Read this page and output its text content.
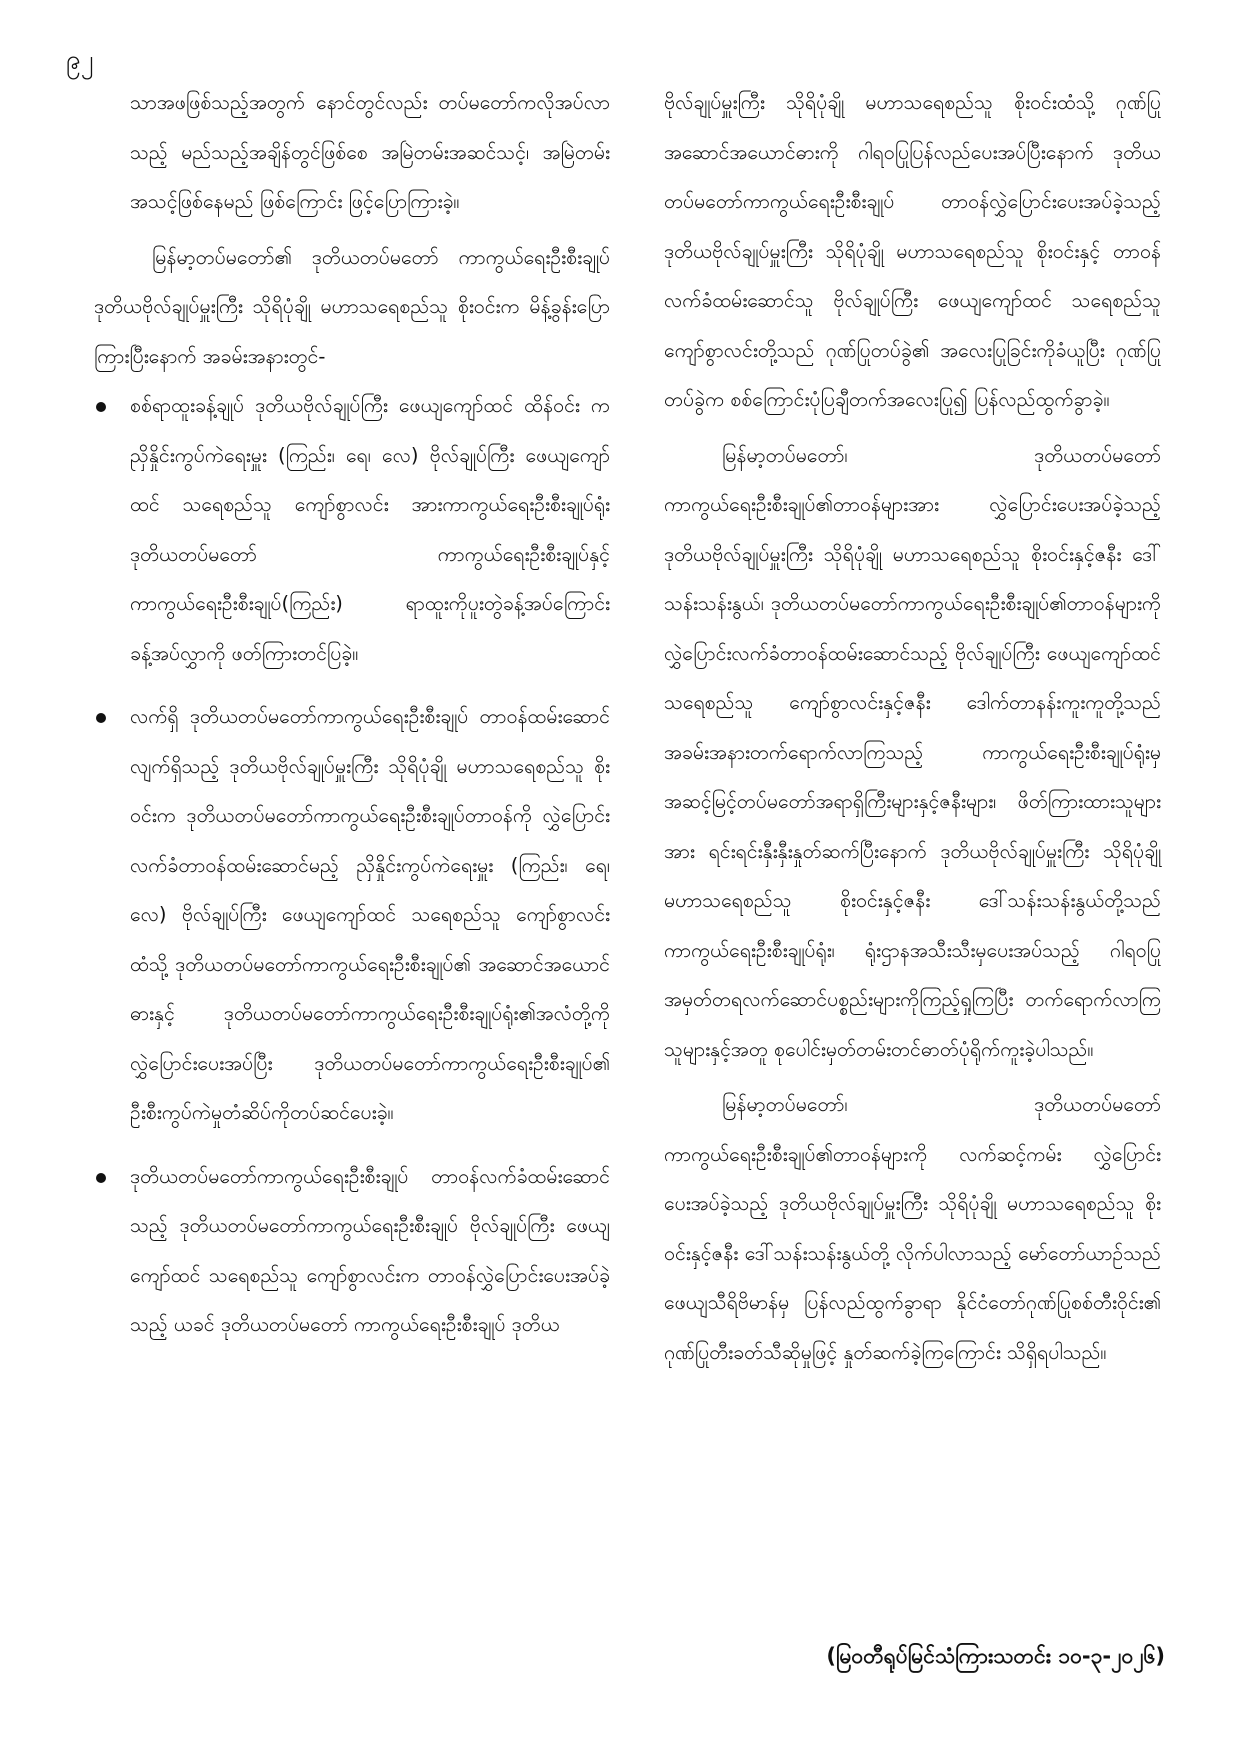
၉၂

သာအဖဖြစ်သည့်အတွက် နောင်တွင်လည်း တပ်မတော်ကလိုအပ်လာသည့် မည်သည့်အချိန်တွင်ဖြစ်စေ အမြဲတမ်းအဆင်သင့်၊ အမြဲတမ်းအသင့်ဖြစ်နေမည် ဖြစ်ကြောင်း ဖြင့်ပြောကြားခဲ့။

မြန်မာ့တပ်မတော်၏ ဒုတိယတပ်မတော် ကာကွယ်ရေးဦးစီးချုပ် ဒုတိယဗိုလ်ချုပ်မှူးကြီး သိုရိပုံချို မဟာသရေစည်သူ စိုးဝင်းက မိန့်ခွန်းပြောကြားပြီးနောက် အခမ်းအနားတွင်-

စစ်ရာထူးခန့်ချုပ် ဒုတိယဗိုလ်ချုပ်ကြီး ဖေယျကျော်ထင် ထိန်ဝင်း က ညှိနှိုင်းကွပ်ကဲရေးမှူး (ကြည်း၊ ရေ၊ လေ) ဗိုလ်ချုပ်ကြီး ဖေယျကျော်ထင် သရေစည်သူ ကျော်စွာလင်း အားကာကွယ်ရေးဦးစီးချုပ်ရုံး ဒုတိယတပ်မတော် ကာကွယ်ရေးဦးစီးချုပ်နှင့် ကာကွယ်ရေးဦးစီးချုပ်(ကြည်း) ရာထူးကိုပူးတွဲခန့်အပ်ကြောင်း ခန့်အပ်လွှာကို ဖတ်ကြားတင်ပြခဲ့။
လက်ရှိ ဒုတိယတပ်မတော်ကာကွယ်ရေးဦးစီးချုပ် တာဝန်ထမ်းဆောင်လျက်ရှိသည့် ဒုတိယဗိုလ်ချုပ်မှူးကြီး သိုရိပုံချို မဟာသရေစည်သူ စိုးဝင်းက ဒုတိယတပ်မတော်ကာကွယ်ရေးဦးစီးချုပ်တာဝန်ကို လွှဲပြောင်းလက်ခံတာဝန်ထမ်းဆောင်မည့် ညှိနှိုင်းကွပ်ကဲရေးမှူး (ကြည်း၊ ရေ၊ လေ) ဗိုလ်ချုပ်ကြီး ဖေယျကျော်ထင် သရေစည်သူ ကျော်စွာလင်း ထံသို့ ဒုတိယတပ်မတော်ကာကွယ်ရေးဦးစီးချုပ်၏ အဆောင်အယောင်ဓားနှင့် ဒုတိယတပ်မတော်ကာကွယ်ရေးဦးစီးချုပ်ရုံး၏အလံတို့ကို လွှဲပြောင်းပေးအပ်ပြီး ဒုတိယတပ်မတော်ကာကွယ်ရေးဦးစီးချုပ်၏ ဦးစီးကွပ်ကဲမှုတံဆိပ်ကိုတပ်ဆင်ပေးခဲ့။
ဒုတိယတပ်မတော်ကာကွယ်ရေးဦးစီးချုပ် တာဝန်လက်ခံထမ်းဆောင်သည့် ဒုတိယတပ်မတော်ကာကွယ်ရေးဦးစီးချုပ် ဗိုလ်ချုပ်ကြီး ဖေယျကျော်ထင် သရေစည်သူ ကျော်စွာလင်းက တာဝန်လွှဲပြောင်းပေးအပ်ခဲ့သည့် ယခင် ဒုတိယတပ်မတော် ကာကွယ်ရေးဦးစီးချုပ် ဒုတိယ

ဗိုလ်ချုပ်မှူးကြီး သိုရိပုံချို မဟာသရေစည်သူ စိုးဝင်းထံသို့ ဂုဏ်ပြုအဆောင်အယောင်ဓားကို ဂါရဝပြုပြန်လည်ပေးအပ်ပြီးနောက် ဒုတိယတပ်မတော်ကာကွယ်ရေးဦးစီးချုပ် တာဝန်လွှဲပြောင်းပေးအပ်ခဲ့သည့် ဒုတိယဗိုလ်ချုပ်မှူးကြီး သိုရိပုံချို မဟာသရေစည်သူ စိုးဝင်းနှင့် တာဝန်လက်ခံထမ်းဆောင်သူ ဗိုလ်ချုပ်ကြီး ဖေယျကျော်ထင် သရေစည်သူ ကျော်စွာလင်းတို့သည် ဂုဏ်ပြုတပ်ခွဲ၏ အလေးပြုခြင်းကိုခံယူပြီး ဂုဏ်ပြုတပ်ခွဲက စစ်ကြောင်းပုံပြချီတက်အလေးပြု၍ ပြန်လည်ထွက်ခွာခဲ့။

မြန်မာ့တပ်မတော်၊ ဒုတိယတပ်မတော်ကာကွယ်ရေးဦးစီးချုပ်၏တာဝန်များအား လွှဲပြောင်းပေးအပ်ခဲ့သည့် ဒုတိယဗိုလ်ချုပ်မှူးကြီး သိုရိပုံချို မဟာသရေစည်သူ စိုးဝင်းနှင့်ဇနီး ဒေါ်သန်းသန်းနွယ်၊ ဒုတိယတပ်မတော်ကာကွယ်ရေးဦးစီးချုပ်၏တာဝန်များကို လွှဲပြောင်းလက်ခံတာဝန်ထမ်းဆောင်သည့် ဗိုလ်ချုပ်ကြီး ဖေယျကျော်ထင် သရေစည်သူ ကျော်စွာလင်းနှင့်ဇနီး ဒေါက်တာနန်းကူးကူတို့သည် အခမ်းအနားတက်ရောက်လာကြသည့် ကာကွယ်ရေးဦးစီးချုပ်ရုံးမှ အဆင့်မြင့်တပ်မတော်အရာရှိကြီးများနှင့်ဇနီးများ၊ ဖိတ်ကြားထားသူများအား ရင်းရင်းနှီးနှီးနှုတ်ဆက်ပြီးနောက် ဒုတိယဗိုလ်ချုပ်မှူးကြီး သိုရိပုံချို မဟာသရေစည်သူ စိုးဝင်းနှင့်ဇနီး ဒေါ်သန်းသန်းနွယ်တို့သည် ကာကွယ်ရေးဦးစီးချုပ်ရုံး၊ ရုံးဌာနအသီးသီးမှပေးအပ်သည့် ဂါရဝပြုအမှတ်တရလက်ဆောင်ပစ္စည်းများကိုကြည့်ရှုကြပြီး တက်ရောက်လာကြသူများနှင့်အတူ စုပေါင်းမှတ်တမ်းတင်ဓာတ်ပုံရိုက်ကူးခဲ့ပါသည်။

မြန်မာ့တပ်မတော်၊ ဒုတိယတပ်မတော်ကာကွယ်ရေးဦးစီးချုပ်၏တာဝန်များကို လက်ဆင့်ကမ်း လွှဲပြောင်းပေးအပ်ခဲ့သည့် ဒုတိယဗိုလ်ချုပ်မှူးကြီး သိုရိပုံချို မဟာသရေစည်သူ စိုးဝင်းနှင့်ဇနီး ဒေါ်သန်းသန်းနွယ်တို့ လိုက်ပါလာသည့် မော်တော်ယာဉ်သည် ဖေယျသီရိဗိမာန်မှ ပြန်လည်ထွက်ခွာရာ နိုင်ငံတော်ဂုဏ်ပြုစစ်တီးဝိုင်း၏ ဂုဏ်ပြုတီးခတ်သီဆိုမှုဖြင့် နှုတ်ဆက်ခဲ့ကြကြောင်း သိရှိရပါသည်။

(မြဝတီရုပ်မြင်သံကြားသတင်း ၁၀-၃-၂၀၂၆)
